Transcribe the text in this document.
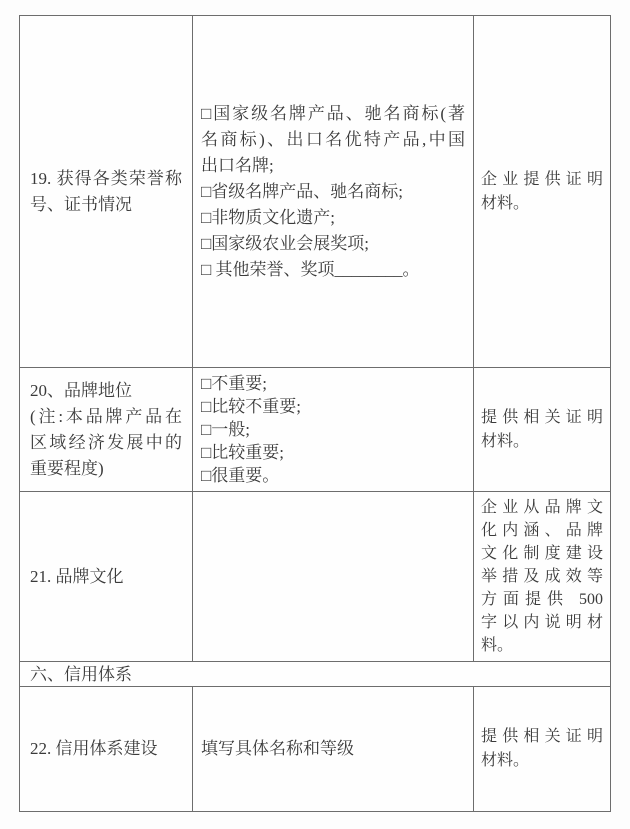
19. 获得各类荣誉称
号、证书情况
□国家级名牌产品、驰名商标(著
名商标)、出口名优特产品,中国
出口名牌;
□省级名牌产品、驰名商标;
□非物质文化遗产;
□国家级农业会展奖项;
□ 其他荣誉、奖项________。
企业提供证明
材料。
20、品牌地位
(注:本品牌产品在
区域经济发展中的
重要程度)
□不重要;
□比较不重要;
□一般;
□比较重要;
□很重要。
提供相关证明
材料。
21. 品牌文化
企业从品牌文
化内涵、品牌
文化制度建设
举措及成效等
方面提供 500
字以内说明材
料。
六、信用体系
22. 信用体系建设	填写具体名称和等级
提供相关证明
材料。
